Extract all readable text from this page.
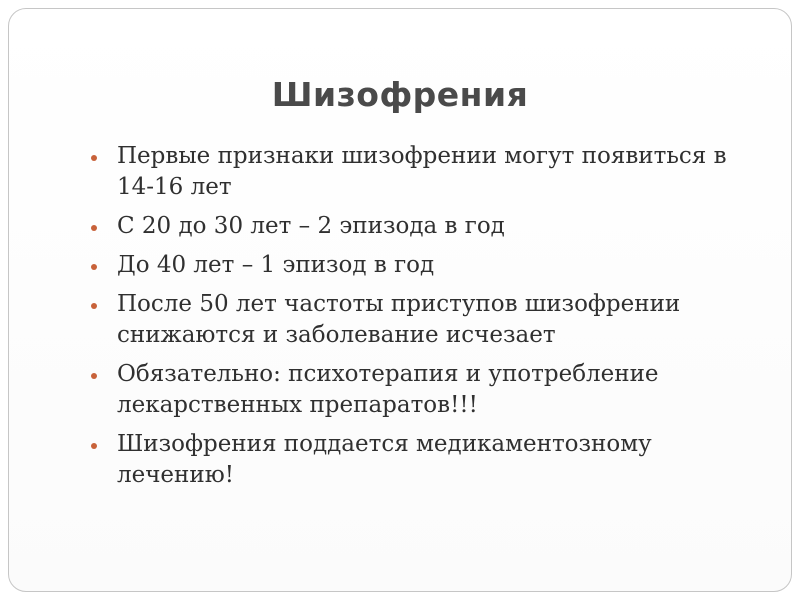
Шизофрения
Первые признаки шизофрении могут появиться в 14-16 лет
С 20 до 30 лет – 2 эпизода в год
До 40 лет – 1 эпизод в год
После 50 лет частоты приступов шизофрении снижаются и заболевание исчезает
Обязательно: психотерапия и употребление лекарственных препаратов!!!
Шизофрения поддается медикаментозному лечению!
